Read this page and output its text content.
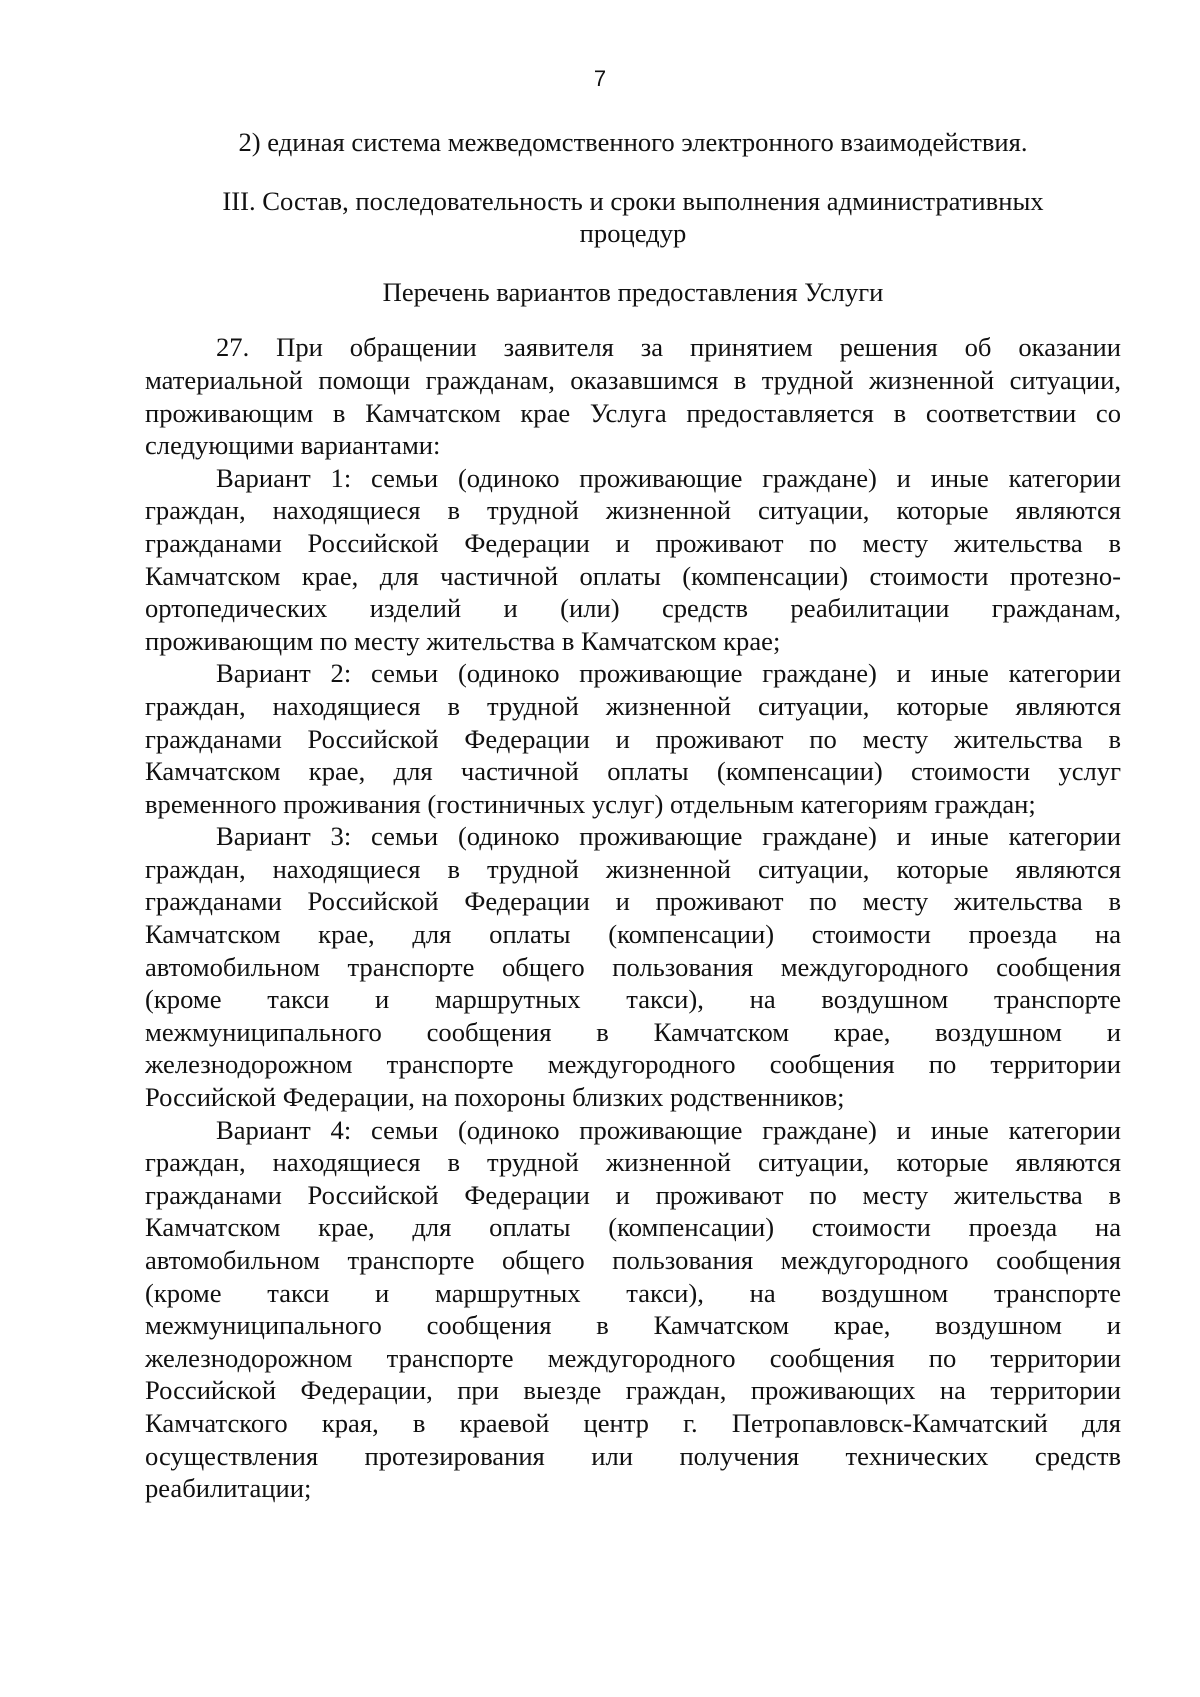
7
2) единая система межведомственного электронного взаимодействия.
III. Состав, последовательность и сроки выполнения административных
процедур
Перечень вариантов предоставления Услуги
27. При обращении заявителя за принятием решения об оказании
материальной помощи гражданам, оказавшимся в трудной жизненной ситуации,
проживающим в Камчатском крае Услуга предоставляется в соответствии со
следующими вариантами:
Вариант 1: семьи (одиноко проживающие граждане) и иные категории
граждан, находящиеся в трудной жизненной ситуации, которые являются
гражданами Российской Федерации и проживают по месту жительства в
Камчатском крае, для частичной оплаты (компенсации) стоимости протезно-
ортопедических изделий и (или) средств реабилитации гражданам,
проживающим по месту жительства в Камчатском крае;
Вариант 2: семьи (одиноко проживающие граждане) и иные категории
граждан, находящиеся в трудной жизненной ситуации, которые являются
гражданами Российской Федерации и проживают по месту жительства в
Камчатском крае, для частичной оплаты (компенсации) стоимости услуг
временного проживания (гостиничных услуг) отдельным категориям граждан;
Вариант 3: семьи (одиноко проживающие граждане) и иные категории
граждан, находящиеся в трудной жизненной ситуации, которые являются
гражданами Российской Федерации и проживают по месту жительства в
Камчатском крае, для оплаты (компенсации) стоимости проезда на
автомобильном транспорте общего пользования междугородного сообщения
(кроме такси и маршрутных такси), на воздушном транспорте
межмуниципального сообщения в Камчатском крае, воздушном и
железнодорожном транспорте междугородного сообщения по территории
Российской Федерации, на похороны близких родственников;
Вариант 4: семьи (одиноко проживающие граждане) и иные категории
граждан, находящиеся в трудной жизненной ситуации, которые являются
гражданами Российской Федерации и проживают по месту жительства в
Камчатском крае, для оплаты (компенсации) стоимости проезда на
автомобильном транспорте общего пользования междугородного сообщения
(кроме такси и маршрутных такси), на воздушном транспорте
межмуниципального сообщения в Камчатском крае, воздушном и
железнодорожном транспорте междугородного сообщения по территории
Российской Федерации, при выезде граждан, проживающих на территории
Камчатского края, в краевой центр г. Петропавловск-Камчатский для
осуществления протезирования или получения технических средств
реабилитации;
